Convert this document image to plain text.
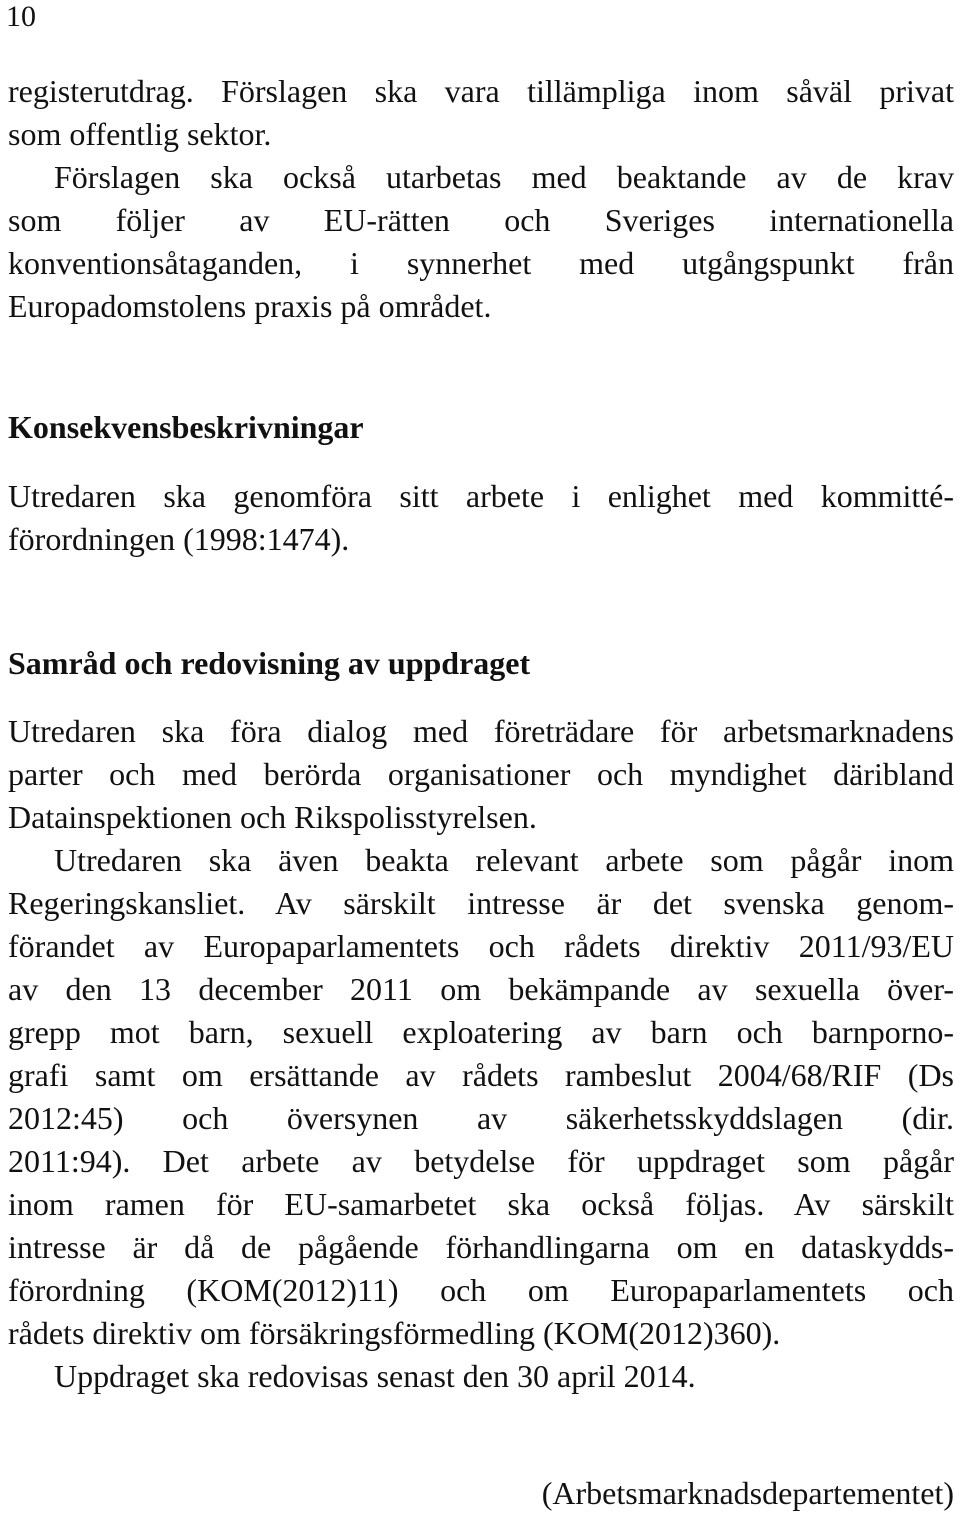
10
registerutdrag. Förslagen ska vara tillämpliga inom såväl privat
som offentlig sektor.
Förslagen ska också utarbetas med beaktande av de krav
som följer av EU-rätten och Sveriges internationella
konventionsåtaganden, i synnerhet med utgångspunkt från
Europadomstolens praxis på området.
Konsekvensbeskrivningar
Utredaren ska genomföra sitt arbete i enlighet med kommitté-
förordningen (1998:1474).
Samråd och redovisning av uppdraget
Utredaren ska föra dialog med företrädare för arbetsmarknadens
parter och med berörda organisationer och myndighet däribland
Datainspektionen och Rikspolisstyrelsen.
Utredaren ska även beakta relevant arbete som pågår inom
Regeringskansliet. Av särskilt intresse är det svenska genom-
förandet av Europaparlamentets och rådets direktiv 2011/93/EU
av den 13 december 2011 om bekämpande av sexuella över-
grepp mot barn, sexuell exploatering av barn och barnporno-
grafi samt om ersättande av rådets rambeslut 2004/68/RIF (Ds
2012:45) och översynen av säkerhetsskyddslagen (dir.
2011:94). Det arbete av betydelse för uppdraget som pågår
inom ramen för EU-samarbetet ska också följas. Av särskilt
intresse är då de pågående förhandlingarna om en dataskydds-
förordning (KOM(2012)11) och om Europaparlamentets och
rådets direktiv om försäkringsförmedling (KOM(2012)360).
Uppdraget ska redovisas senast den 30 april 2014.
(Arbetsmarknadsdepartementet)
